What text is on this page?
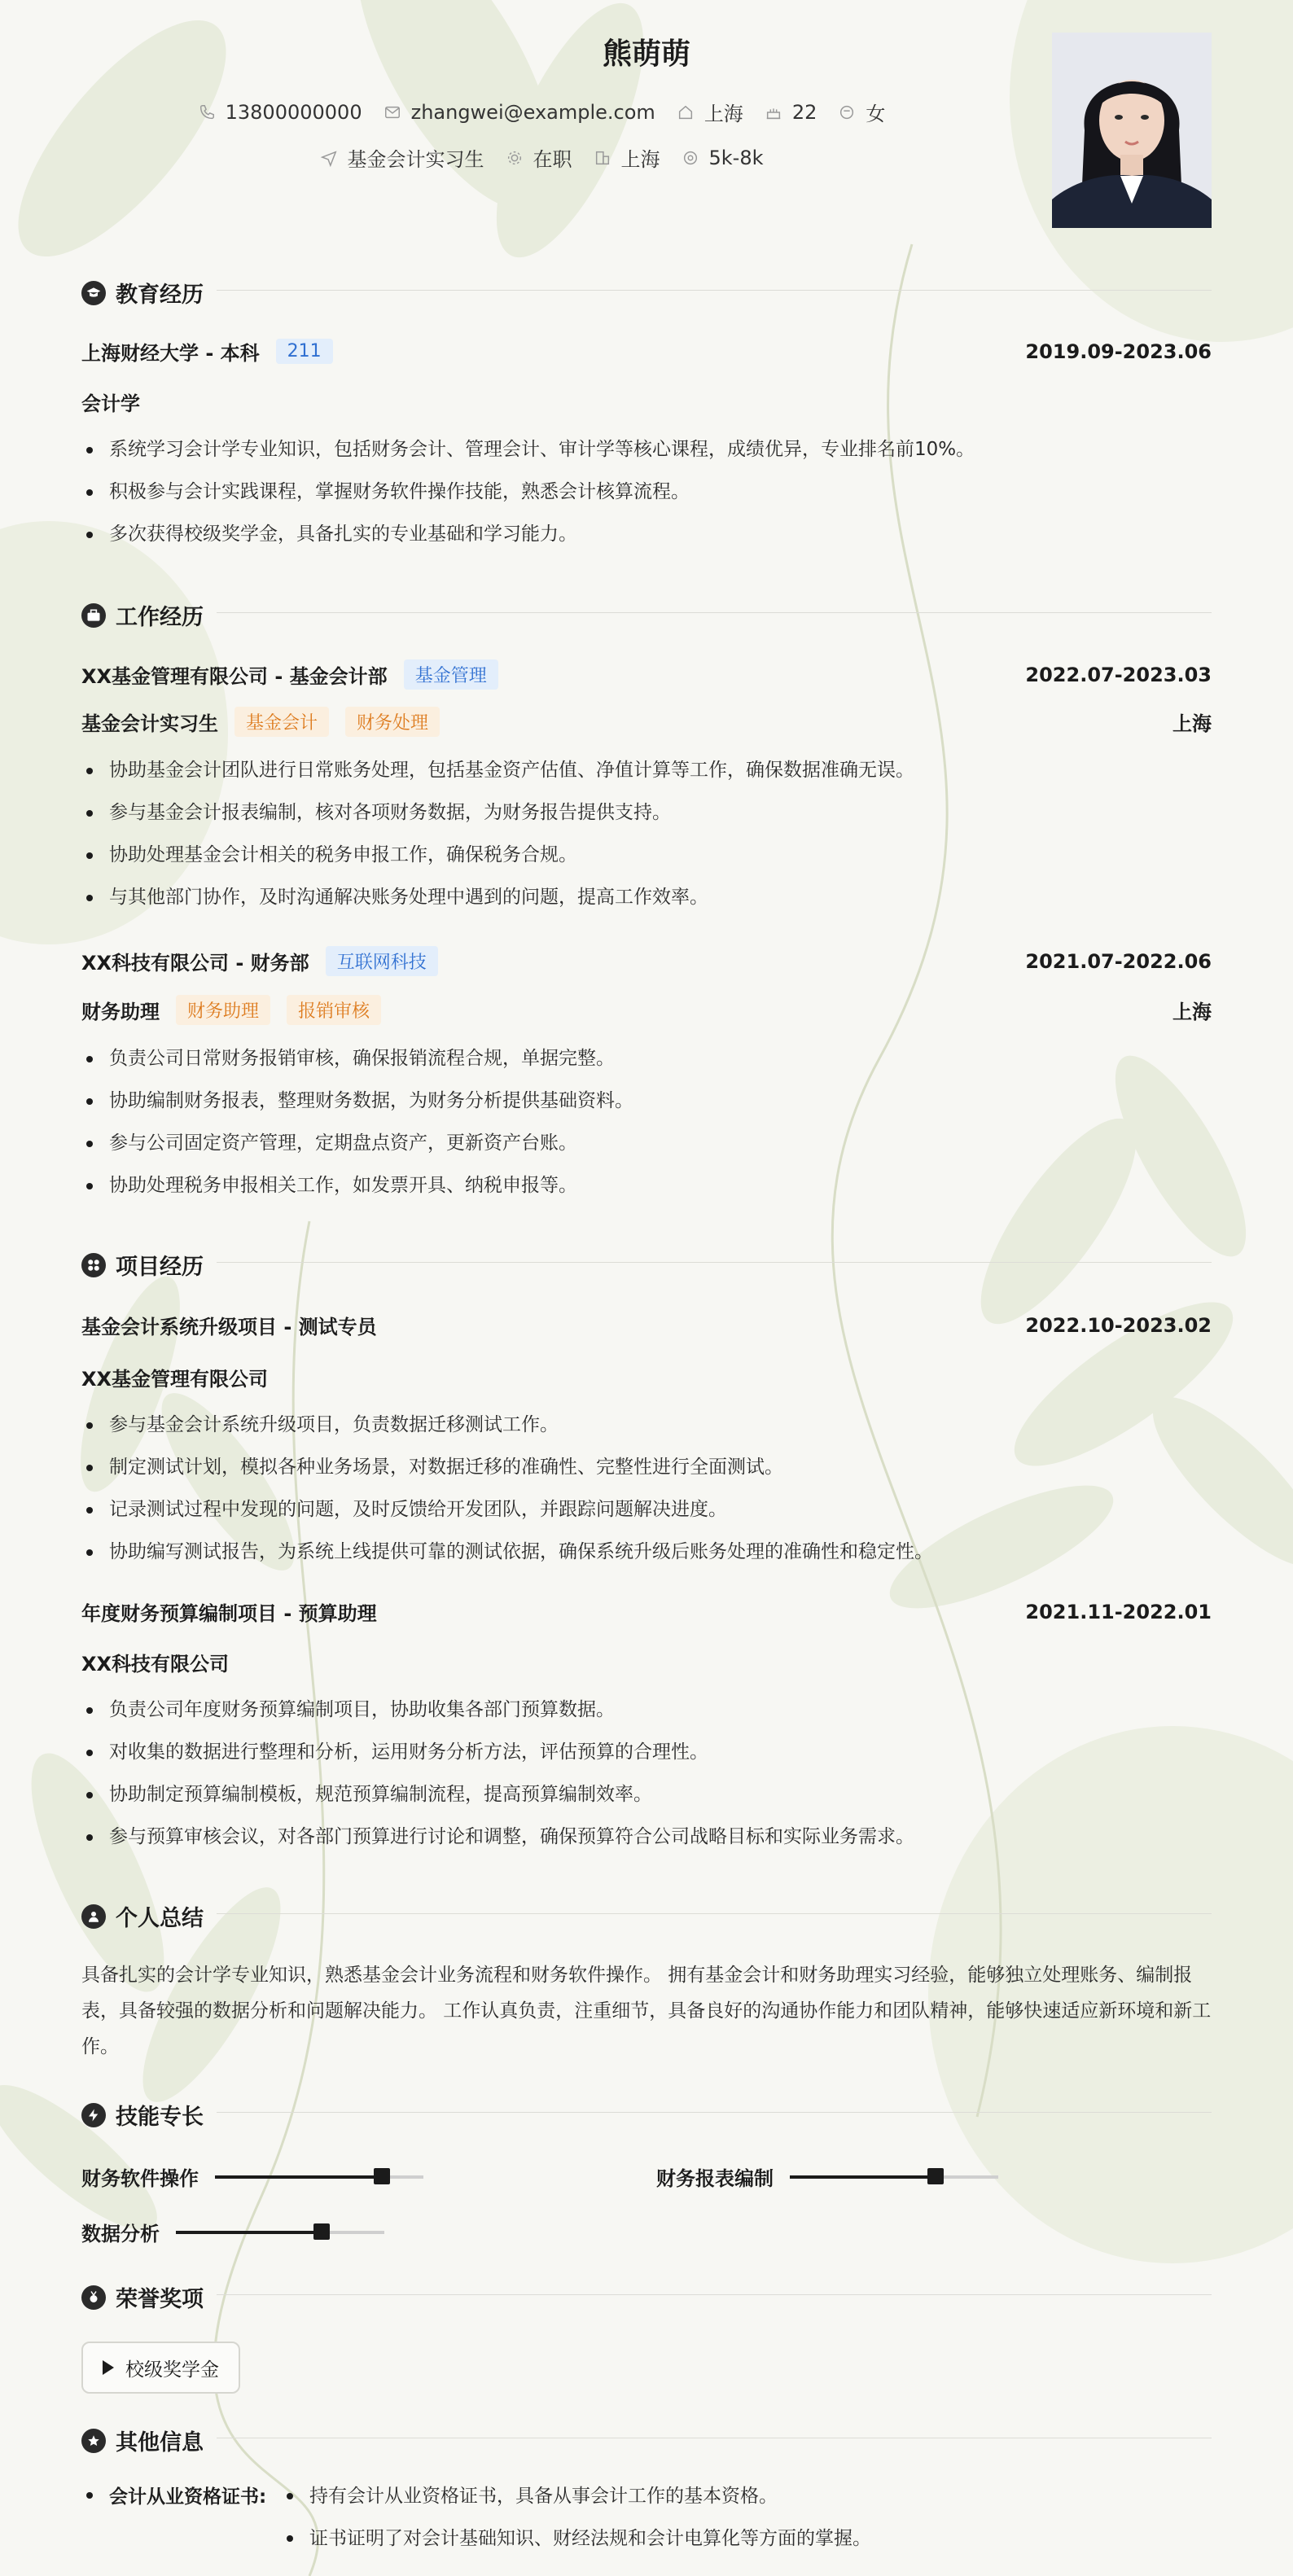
熊萌萌
13800000000	zhangwei@example.com	上海	22	女
基金会计实习生	在职	上海	5k-8k
教育经历
上海财经大学 - 本科	211	2019.09-2023.06
会计学
系统学习会计学专业知识，包括财务会计、管理会计、审计学等核心课程，成绩优异，专业排名前10%。
积极参与会计实践课程，掌握财务软件操作技能，熟悉会计核算流程。
多次获得校级奖学金，具备扎实的专业基础和学习能力。
工作经历
XX基金管理有限公司 - 基金会计部	基金管理	2022.07-2023.03
基金会计实习生	基金会计	财务处理	上海
协助基金会计团队进行日常账务处理，包括基金资产估值、净值计算等工作，确保数据准确无误。
参与基金会计报表编制，核对各项财务数据，为财务报告提供支持。
协助处理基金会计相关的税务申报工作，确保税务合规。
与其他部门协作，及时沟通解决账务处理中遇到的问题，提高工作效率。
XX科技有限公司 - 财务部	互联网科技	2021.07-2022.06
财务助理	财务助理	报销审核	上海
负责公司日常财务报销审核，确保报销流程合规，单据完整。
协助编制财务报表，整理财务数据，为财务分析提供基础资料。
参与公司固定资产管理，定期盘点资产，更新资产台账。
协助处理税务申报相关工作，如发票开具、纳税申报等。
项目经历
基金会计系统升级项目 - 测试专员	2022.10-2023.02
XX基金管理有限公司
参与基金会计系统升级项目，负责数据迁移测试工作。
制定测试计划，模拟各种业务场景，对数据迁移的准确性、完整性进行全面测试。
记录测试过程中发现的问题，及时反馈给开发团队，并跟踪问题解决进度。
协助编写测试报告，为系统上线提供可靠的测试依据，确保系统升级后账务处理的准确性和稳定性。
年度财务预算编制项目 - 预算助理	2021.11-2022.01
XX科技有限公司
负责公司年度财务预算编制项目，协助收集各部门预算数据。
对收集的数据进行整理和分析，运用财务分析方法，评估预算的合理性。
协助制定预算编制模板，规范预算编制流程，提高预算编制效率。
参与预算审核会议，对各部门预算进行讨论和调整，确保预算符合公司战略目标和实际业务需求。
个人总结
具备扎实的会计学专业知识，熟悉基金会计业务流程和财务软件操作。 拥有基金会计和财务助理实习经验，能够独立处理账务、编制报表，具备较强的数据分析和问题解决能力。 工作认真负责，注重细节，具备良好的沟通协作能力和团队精神，能够快速适应新环境和新工作。
技能专长
财务软件操作	财务报表编制
数据分析
荣誉奖项
校级奖学金
其他信息
会计从业资格证书:	持有会计从业资格证书，具备从事会计工作的基本资格。
证书证明了对会计基础知识、财经法规和会计电算化等方面的掌握。
